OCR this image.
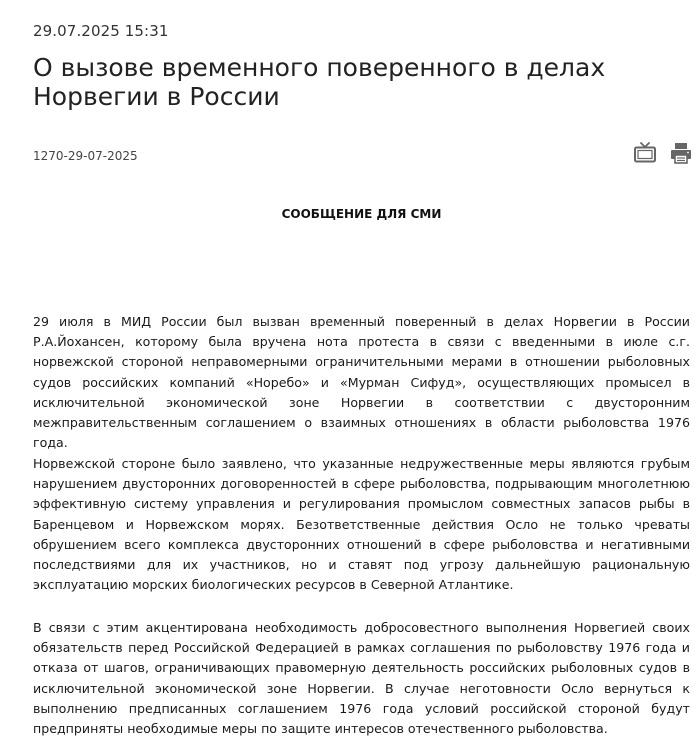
29.07.2025 15:31
О вызове временного поверенного в делах Норвегии в России
1270-29-07-2025
СООБЩЕНИЕ ДЛЯ СМИ

29 июля в МИД России был вызван временный поверенный в делах Норвегии в России Р.А.Йохансен, которому была вручена нота протеста в связи с введенными в июле с.г. норвежской стороной неправомерными ограничительными мерами в отношении рыболовных судов российских компаний «Норебо» и «Мурман Сифуд», осуществляющих промысел в исключительной экономической зоне Норвегии в соответствии с двусторонним межправительственным соглашением о взаимных отношениях в области рыболовства 1976 года.

Норвежской стороне было заявлено, что указанные недружественные меры являются грубым нарушением двусторонних договоренностей в сфере рыболовства, подрывающим многолетнюю эффективную систему управления и регулирования промыслом совместных запасов рыбы в Баренцевом и Норвежском морях. Безответственные действия Осло не только чреваты обрушением всего комплекса двусторонних отношений в сфере рыболовства и негативными последствиями для их участников, но и ставят под угрозу дальнейшую рациональную эксплуатацию морских биологических ресурсов в Северной Атлантике.

В связи с этим акцентирована необходимость добросовестного выполнения Норвегией своих обязательств перед Российской Федерацией в рамках соглашения по рыболовству 1976 года и отказа от шагов, ограничивающих правомерную деятельность российских рыболовных судов в исключительной экономической зоне Норвегии. В случае неготовности Осло вернуться к выполнению предписанных соглашением 1976 года условий российской стороной будут предприняты необходимые меры по защите интересов отечественного рыболовства.
